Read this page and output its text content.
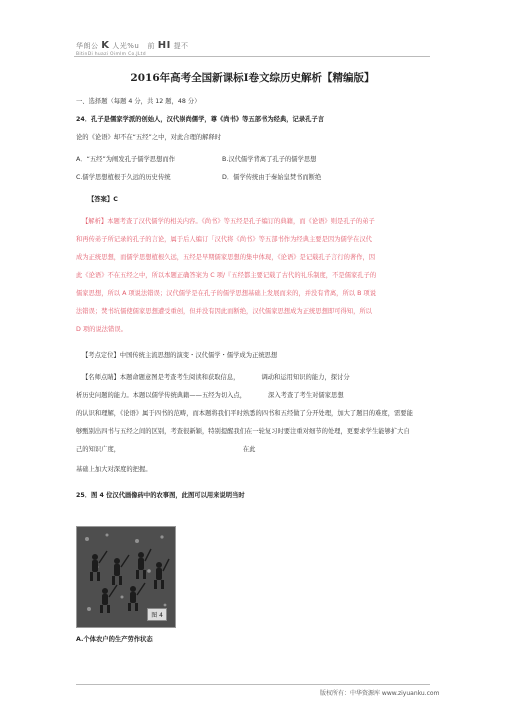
华朗公 K 人光%u 前 HI 提不
BitinDi huazi Oimlm Co.JLtd
2016年高考全国新课标Ⅰ卷文综历史解析【精编版】
一、选择题（每题 4 分，共 12 题，48 分）
24．孔子是儒家学派的创始人，汉代崇尚儒学，尊《尚书》等五部书为经典，记录孔子言
论的《论语》却不在“五经”之中，对此合理的解释时
A．“五经”为阐发孔子儒学思想而作	B.汉代儒学背离了孔子的儒学思想
C.儒学思想植根于久远的历史传统	D．儒学传统由于秦始皇焚书而断绝
【答案】C
【解析】本题考查了汉代儒学的相关内容。《尚书》等五经是孔子编订的典籍，而《论语》则是孔子的弟子
和再传弟子所记录的孔子的言论，属于后人编订「汉代将《尚书》等五部书作为经典主要是因为儒学在汉代
成为正统思想，而儒学思想植根久远，五经是早期儒家思想的集中体现，《论语》是记载孔子言行的著作，因
此《论语》不在五经之中，所以本题正确答案为 C 项/『五经都主要记载了古代的礼乐制度，不是儒家孔子的
儒家思想，所以 A 项说法错误；汉代儒学是在孔子的儒学思想基础上发展而来的，并没有背离，所以 B 项说
法错误；焚书坑儒使儒家思想遭受重创，但并没有因此而断绝，汉代儒家思想成为正统思想即可得知，所以
D 项的说法错误。
【考点定位】中国传统主流思想的演变・汉代儒学・儒学成为正统思想
【名师点睛】本题命题意图是考查考生阅读和获取信息，　　　　调动和运用知识的能力，探讨分
析历史问题的能力。本题以儒学传统典籍——五经为切入点，　　　　深入考查了考生对儒家思想
的认识和理解，《论语》属于四书的范畴，而本题将我们平时熟悉的四书和五经做了分开处理，加大了题目的难度，需要能
够甄别出四书与五经之间的区别，考查很新颖，特别提醒我们在一轮复习时要注重对细节的处理，更要求学生能够扩大自
己的知识广度，　　　　　　　　　　　　　　　　　　　　在此
基础上加大对深度的把握。
25．图 4 位汉代画像砖中的农事图，此图可以用来说明当时
图 4
A.个体农户的生产劳作状态
版权所有：中华资源库 www.ziyuanku.com
